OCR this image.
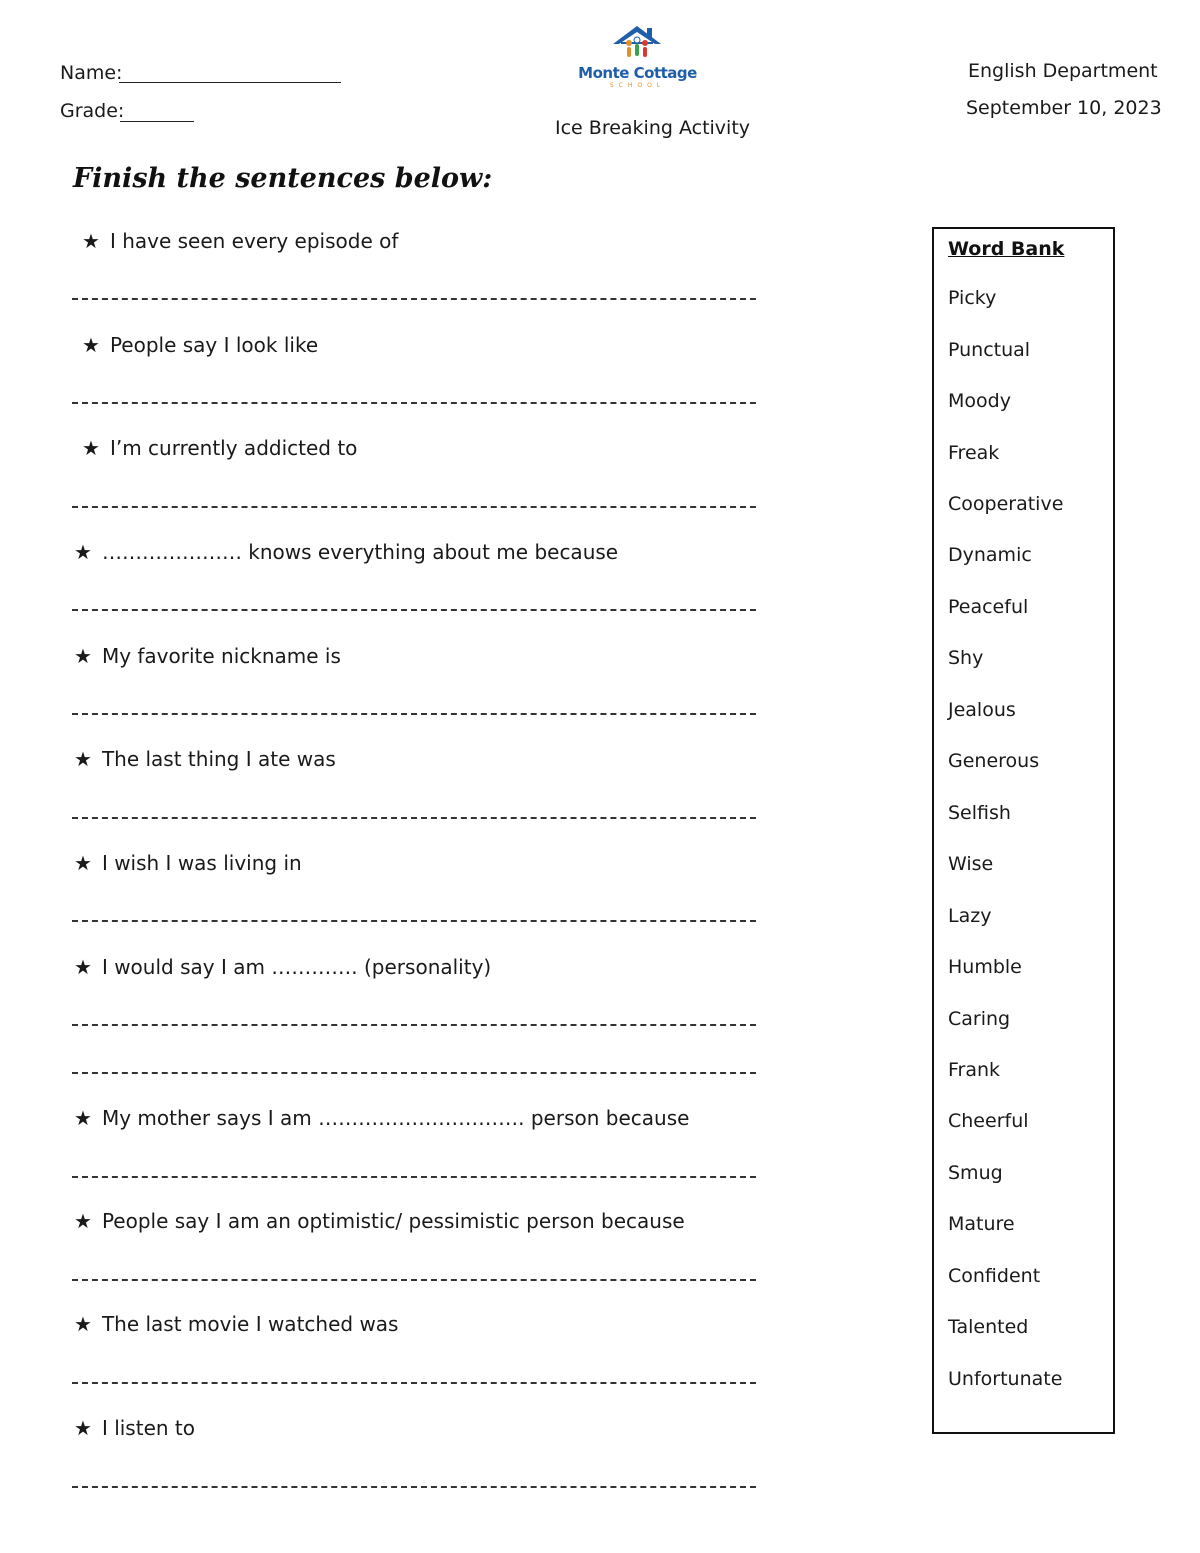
Name:
Grade:
Monte Cottage
SCHOOL
Ice Breaking Activity
English Department
September 10, 2023
Finish the sentences below:
★ I have seen every episode of
★ People say I look like
★ I’m currently addicted to
★ ………………… knows everything about me because
★ My favorite nickname is
★ The last thing I ate was
★ I wish I was living in
★ I would say I am …………. (personality)
★ My mother says I am …………………………. person because
★ People say I am an optimistic/ pessimistic person because
★ The last movie I watched was
★ I listen to
Word Bank
Picky
Punctual
Moody
Freak
Cooperative
Dynamic
Peaceful
Shy
Jealous
Generous
Selfish
Wise
Lazy
Humble
Caring
Frank
Cheerful
Smug
Mature
Confident
Talented
Unfortunate
